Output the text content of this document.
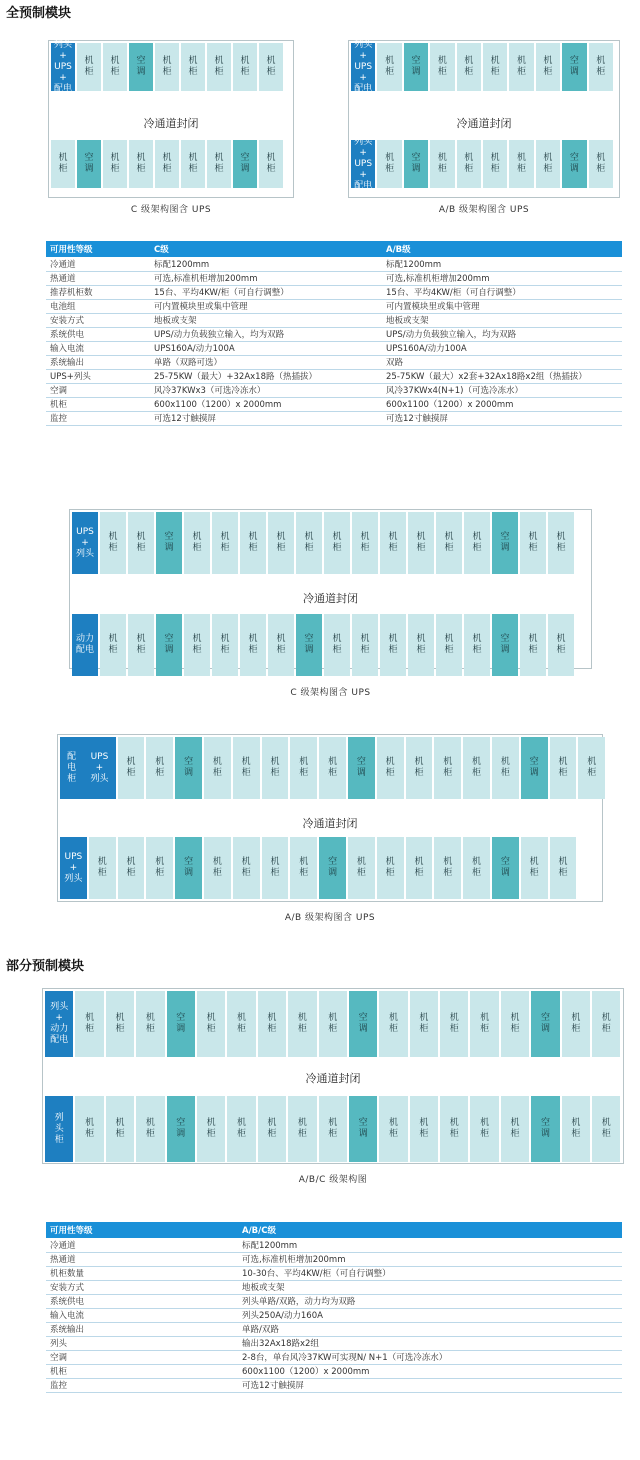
全预制模块
列头
+
UPS
+
配电
机
柜
机
柜
空
调
机
柜
机
柜
机
柜
机
柜
机
柜
机
柜
空
调
机
柜
机
柜
机
柜
机
柜
机
柜
空
调
机
柜
冷通道封闭
C 级架构图含 UPS
列头
+
UPS
+
配电
机
柜
空
调
机
柜
机
柜
机
柜
机
柜
机
柜
空
调
机
柜
列头
+
UPS
+
配电
机
柜
空
调
机
柜
机
柜
机
柜
机
柜
机
柜
空
调
机
柜
冷通道封闭
A/B 级架构图含 UPS
UPS
+
列头
机
柜
机
柜
空
调
机
柜
机
柜
机
柜
机
柜
机
柜
机
柜
机
柜
机
柜
机
柜
机
柜
机
柜
空
调
机
柜
机
柜
动力
配电
机
柜
机
柜
空
调
机
柜
机
柜
机
柜
机
柜
空
调
机
柜
机
柜
机
柜
机
柜
机
柜
机
柜
空
调
机
柜
机
柜
冷通道封闭
C 级架构图含 UPS
配
电
柜
UPS
+
列头
机
柜
机
柜
空
调
机
柜
机
柜
机
柜
机
柜
机
柜
空
调
机
柜
机
柜
机
柜
机
柜
机
柜
空
调
机
柜
机
柜
UPS
+
列头
机
柜
机
柜
机
柜
空
调
机
柜
机
柜
机
柜
机
柜
空
调
机
柜
机
柜
机
柜
机
柜
机
柜
空
调
机
柜
机
柜
冷通道封闭
A/B 级架构图含 UPS
列头
+
动力
配电
机
柜
机
柜
机
柜
空
调
机
柜
机
柜
机
柜
机
柜
机
柜
空
调
机
柜
机
柜
机
柜
机
柜
机
柜
空
调
机
柜
机
柜
列
头
柜
机
柜
机
柜
机
柜
空
调
机
柜
机
柜
机
柜
机
柜
机
柜
空
调
机
柜
机
柜
机
柜
机
柜
机
柜
空
调
机
柜
机
柜
冷通道封闭
A/B/C 级架构图
部分预制模块
可用性等级	C级	A/B级
冷通道	标配1200mm	标配1200mm
热通道	可选,标准机柜增加200mm	可选,标准机柜增加200mm
推荐机柜数	15台、平均4KW/柜（可自行调整）	15台、平均4KW/柜（可自行调整）
电池组	可内置模块里或集中管理	可内置模块里或集中管理
安装方式	地板或支架	地板或支架
系统供电	UPS/动力负载独立输入，均为双路	UPS/动力负载独立输入，均为双路
输入电流	UPS160A/动力100A	UPS160A/动力100A
系统输出	单路（双路可选）	双路
UPS+列头	25-75KW（最大）+32Ax18路（热插拔）	25-75KW（最大）x2套+32Ax18路x2组（热插拔）
空调	风冷37KWx3（可选冷冻水）	风冷37KWx4(N+1)（可选冷冻水）
机柜	600x1100（1200）x 2000mm	600x1100（1200）x 2000mm
监控	可选12寸触摸屏	可选12寸触摸屏
可用性等级	A/B/C级
冷通道	标配1200mm
热通道	可选,标准机柜增加200mm
机柜数量	10-30台、平均4KW/柜（可自行调整）
安装方式	地板或支架
系统供电	列头单路/双路，动力均为双路
输入电流	列头250A/动力160A
系统输出	单路/双路
列头	输出32Ax18路x2组
空调	2-8台，单台风冷37KW可实现N/ N+1（可选冷冻水）
机柜	600x1100（1200）x 2000mm
监控	可选12寸触摸屏
